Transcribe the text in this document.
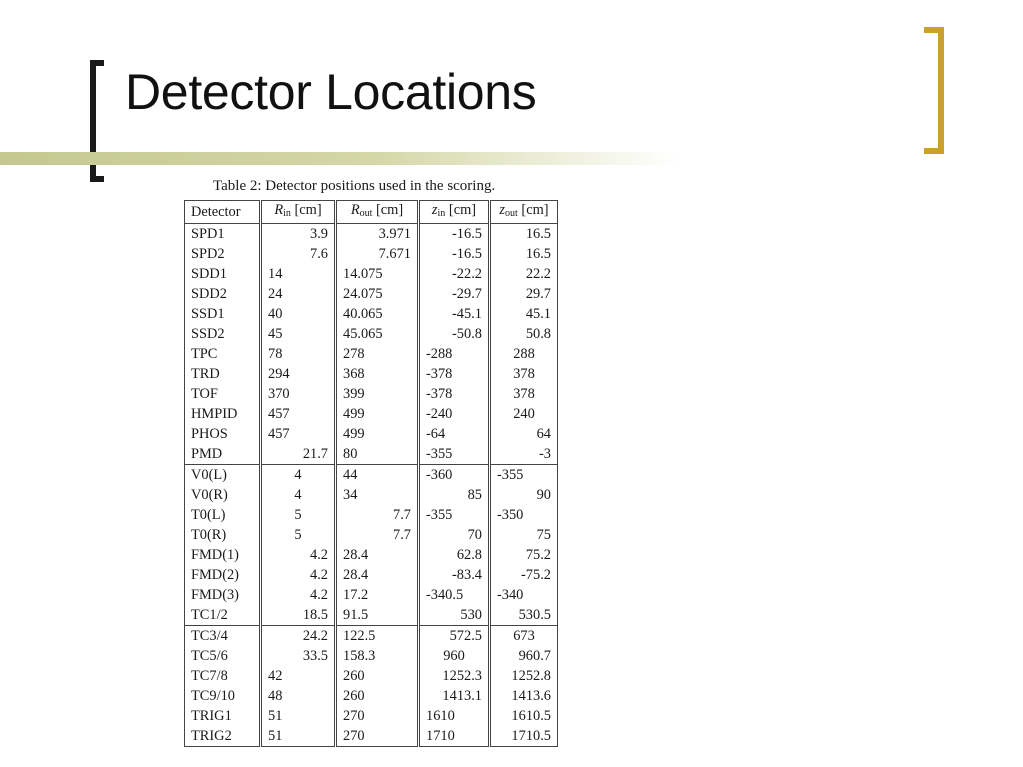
Detector Locations
Table 2: Detector positions used in the scoring.
Detector	$R_{in}$ [cm]	$R_{out}$ [cm]	$z_{in}$ [cm]	$z_{out}$ [cm]
SPD1	3.9	3.971	-16.5	16.5
SPD2	7.6	7.671	-16.5	16.5
SDD1	14	14.075	-22.2	22.2
SDD2	24	24.075	-29.7	29.7
SSD1	40	40.065	-45.1	45.1
SSD2	45	45.065	-50.8	50.8
TPC	78	278	-288	288
TRD	294	368	-378	378
TOF	370	399	-378	378
HMPID	457	499	-240	240
PHOS	457	499	-64	64
PMD	21.7	80	-355	-3
V0(L)	4	44	-360	-355
V0(R)	4	34	85	90
T0(L)	5	7.7	-355	-350
T0(R)	5	7.7	70	75
FMD(1)	4.2	28.4	62.8	75.2
FMD(2)	4.2	28.4	-83.4	-75.2
FMD(3)	4.2	17.2	-340.5	-340
TC1/2	18.5	91.5	530	530.5
TC3/4	24.2	122.5	572.5	673
TC5/6	33.5	158.3	960	960.7
TC7/8	42	260	1252.3	1252.8
TC9/10	48	260	1413.1	1413.6
TRIG1	51	270	1610	1610.5
TRIG2	51	270	1710	1710.5
